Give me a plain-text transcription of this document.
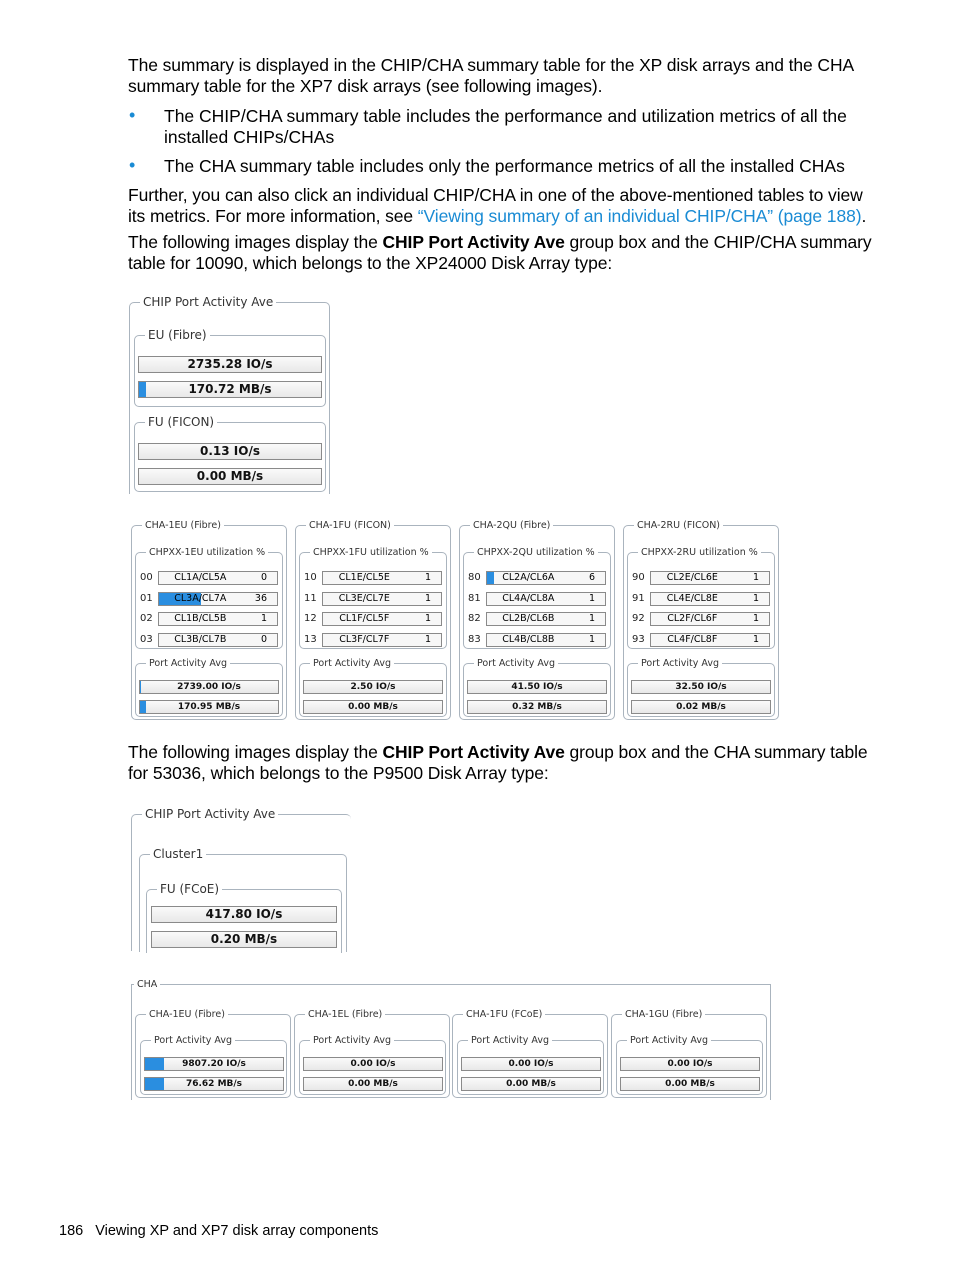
The summary is displayed in the CHIP/CHA summary table for the XP disk arrays and the CHA summary table for the XP7 disk arrays (see following images).
• The CHIP/CHA summary table includes the performance and utilization metrics of all the installed CHIPs/CHAs
• The CHA summary table includes only the performance metrics of all the installed CHAs
Further, you can also click an individual CHIP/CHA in one of the above-mentioned tables to view its metrics. For more information, see “Viewing summary of an individual CHIP/CHA” (page 188).
The following images display the CHIP Port Activity Ave group box and the CHIP/CHA summary table for 10090, which belongs to the XP24000 Disk Array type:
The following images display the CHIP Port Activity Ave group box and the CHA summary table for 53036, which belongs to the P9500 Disk Array type:
CHIP Port Activity Ave
EU (Fibre)
2735.28 IO/s
170.72 MB/s
FU (FICON)
0.13 IO/s
0.00 MB/s
CHA-1EU (Fibre)
CHPXX-1EU utilization %
00	CL1A/CL5A	0
01	CL3A/CL7A	36
02	CL1B/CL5B	1
03	CL3B/CL7B	0
Port Activity Avg
2739.00 IO/s
170.95 MB/s
CHA-1FU (FICON)
CHPXX-1FU utilization %
10	CL1E/CL5E	1
11	CL3E/CL7E	1
12	CL1F/CL5F	1
13	CL3F/CL7F	1
Port Activity Avg
2.50 IO/s
0.00 MB/s
CHA-2QU (Fibre)
CHPXX-2QU utilization %
80	CL2A/CL6A	6
81	CL4A/CL8A	1
82	CL2B/CL6B	1
83	CL4B/CL8B	1
Port Activity Avg
41.50 IO/s
0.32 MB/s
CHA-2RU (FICON)
CHPXX-2RU utilization %
90	CL2E/CL6E	1
91	CL4E/CL8E	1
92	CL2F/CL6F	1
93	CL4F/CL8F	1
Port Activity Avg
32.50 IO/s
0.02 MB/s
CHIP Port Activity Ave
Cluster1
FU (FCoE)
417.80 IO/s
0.20 MB/s
CHA
CHA-1EU (Fibre)
Port Activity Avg
9807.20 IO/s
76.62 MB/s
CHA-1EL (Fibre)
Port Activity Avg
0.00 IO/s
0.00 MB/s
CHA-1FU (FCoE)
Port Activity Avg
0.00 IO/s
0.00 MB/s
CHA-1GU (Fibre)
Port Activity Avg
0.00 IO/s
0.00 MB/s
186 Viewing XP and XP7 disk array components
